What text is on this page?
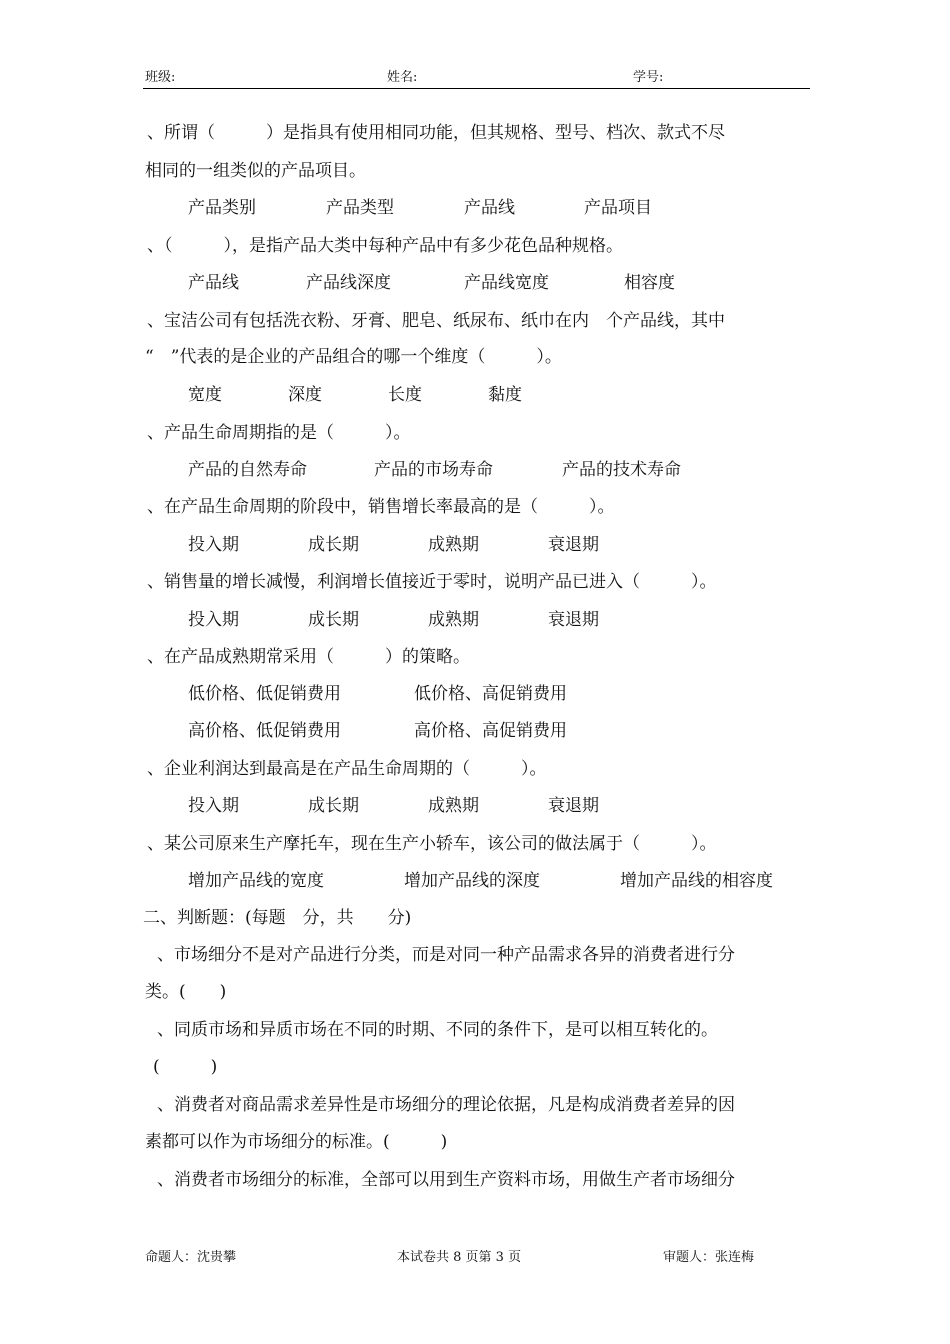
班级:	姓名:	学号:
、所谓（　　　）是指具有使用相同功能，但其规格、型号、档次、款式不尽
相同的一组类似的产品项目。

产品类别

	产品类型

	产品线

	产品项目

、（　　　），是指产品大类中每种产品中有多少花色品种规格。

产品线

	产品线深度

	产品线宽度

	相容度

、宝洁公司有包括洗衣粉、牙膏、肥皂、纸尿布、纸巾在内　个产品线，其中
“　”代表的是企业的产品组合的哪一个维度（　　　）。

宽度

	深度

	长度

	黏度

、产品生命周期指的是（　　　）。

产品的自然寿命

	产品的市场寿命

	产品的技术寿命

、在产品生命周期的阶段中，销售增长率最高的是（　　　）。

投入期

	成长期

	成熟期

	衰退期

、销售量的增长减慢，利润增长值接近于零时，说明产品已进入（　　　）。

投入期

	成长期

	成熟期

	衰退期

、在产品成熟期常采用（　　　）的策略。

低价格、低促销费用

	低价格、高促销费用

高价格、低促销费用

	高价格、高促销费用

、企业利润达到最高是在产品生命周期的（　　　）。

投入期

	成长期

	成熟期

	衰退期

、某公司原来生产摩托车，现在生产小轿车，该公司的做法属于（　　　）。

增加产品线的宽度

	增加产品线的深度

	增加产品线的相容度

二、判断题：(每题　分，共　　分)
、市场细分不是对产品进行分类，而是对同一种产品需求各异的消费者进行分
类。(　　)
、同质市场和异质市场在不同的时期、不同的条件下，是可以相互转化的。
(　　　)
、消费者对商品需求差异性是市场细分的理论依据，凡是构成消费者差异的因
素都可以作为市场细分的标准。(　　　)
、消费者市场细分的标准，全部可以用到生产资料市场，用做生产者市场细分
命题人：沈贵攀	本试卷共 8 页第 3 页	审题人：张连梅
